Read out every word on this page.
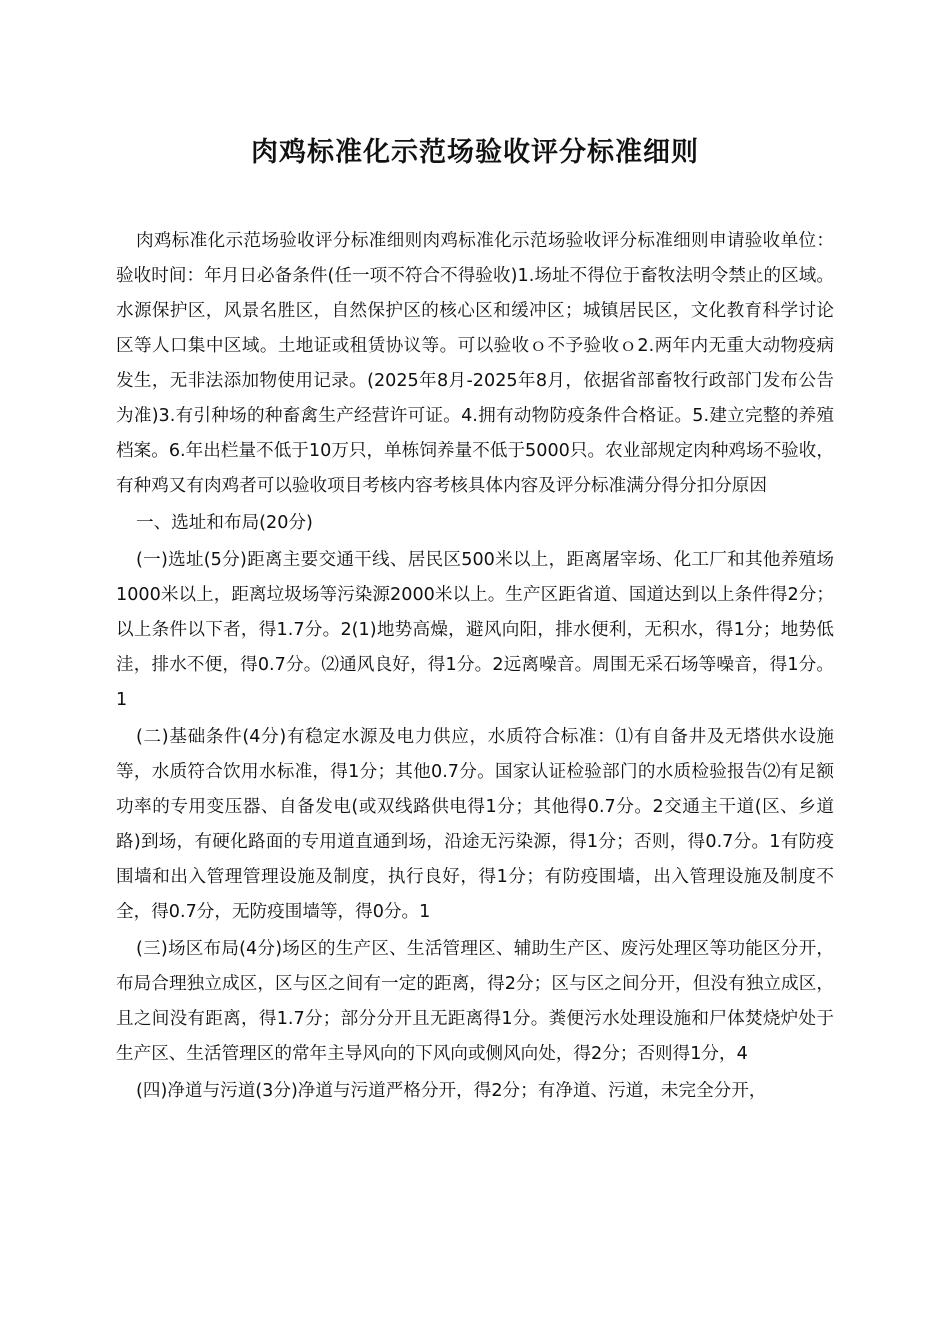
肉鸡标准化示范场验收评分标准细则

肉鸡标准化示范场验收评分标准细则肉鸡标准化示范场验收评分标准细则申请验收单位：验收时间：年月日必备条件(任一项不符合不得验收)1.场址不得位于畜牧法明令禁止的区域。水源保护区，风景名胜区，自然保护区的核心区和缓冲区；城镇居民区，文化教育科学讨论区等人口集中区域。土地证或租赁协议等。可以验收ｏ不予验收ｏ2.两年内无重大动物疫病发生，无非法添加物使用记录。(2025年8月-2025年8月，依据省部畜牧行政部门发布公告为准)3.有引种场的种畜禽生产经营许可证。4.拥有动物防疫条件合格证。5.建立完整的养殖档案。6.年出栏量不低于10万只，单栋饲养量不低于5000只。农业部规定肉种鸡场不验收，有种鸡又有肉鸡者可以验收项目考核内容考核具体内容及评分标准满分得分扣分原因

一、选址和布局(20分)

(一)选址(5分)距离主要交通干线、居民区500米以上，距离屠宰场、化工厂和其他养殖场1000米以上，距离垃圾场等污染源2000米以上。生产区距省道、国道达到以上条件得2分；以上条件以下者，得1.7分。2(1)地势高燥，避风向阳，排水便利，无积水，得1分；地势低洼，排水不便，得0.7分。⑵通风良好，得1分。2远离噪音。周围无采石场等噪音，得1分。1

(二)基础条件(4分)有稳定水源及电力供应，水质符合标准：⑴有自备井及无塔供水设施等，水质符合饮用水标准，得1分；其他0.7分。国家认证检验部门的水质检验报告⑵有足额功率的专用变压器、自备发电(或双线路供电得1分；其他得0.7分。2交通主干道(区、乡道路)到场，有硬化路面的专用道直通到场，沿途无污染源，得1分；否则，得0.7分。1有防疫围墙和出入管理管理设施及制度，执行良好，得1分；有防疫围墙，出入管理设施及制度不全，得0.7分，无防疫围墙等，得0分。1

(三)场区布局(4分)场区的生产区、生活管理区、辅助生产区、废污处理区等功能区分开，布局合理独立成区，区与区之间有一定的距离，得2分；区与区之间分开，但没有独立成区，且之间没有距离，得1.7分；部分分开且无距离得1分。粪便污水处理设施和尸体焚烧炉处于生产区、生活管理区的常年主导风向的下风向或侧风向处，得2分；否则得1分，4

(四)净道与污道(3分)净道与污道严格分开，得2分；有净道、污道，未完全分开，
